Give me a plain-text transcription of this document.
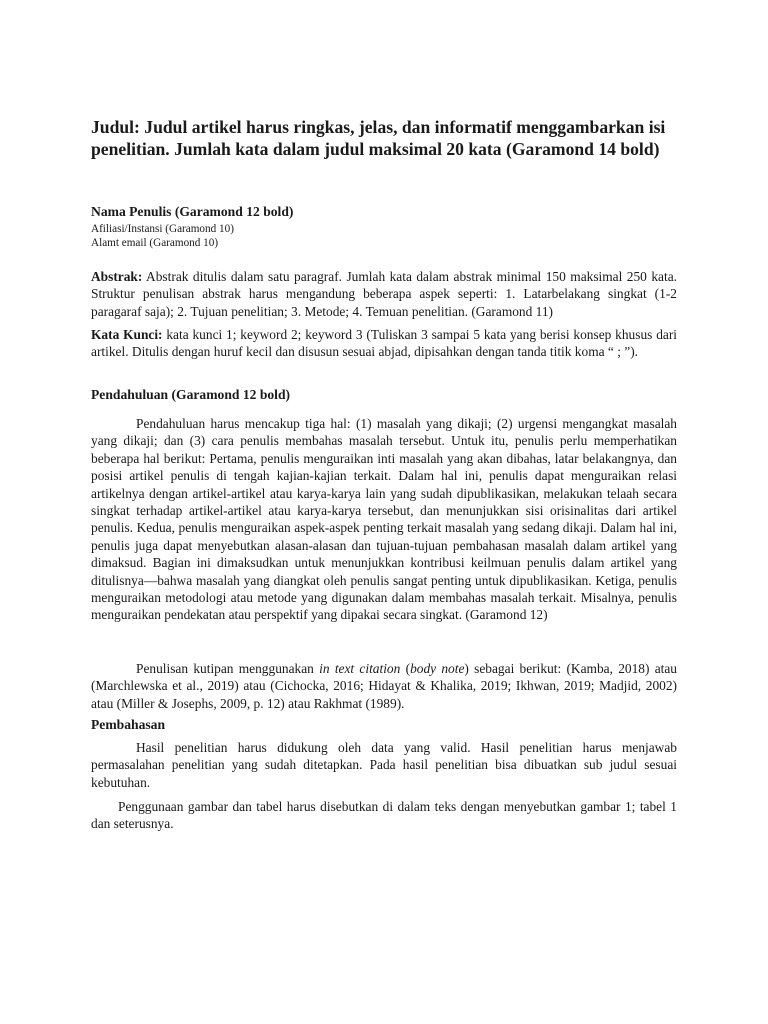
Judul: Judul artikel harus ringkas, jelas, dan informatif menggambarkan isi penelitian. Jumlah kata dalam judul maksimal 20 kata (Garamond 14 bold)
Nama Penulis (Garamond 12 bold)
Afiliasi/Instansi (Garamond 10)
Alamt email (Garamond 10)
Abstrak: Abstrak ditulis dalam satu paragraf. Jumlah kata dalam abstrak minimal 150 maksimal 250 kata. Struktur penulisan abstrak harus mengandung beberapa aspek seperti: 1. Latarbelakang singkat (1-2 paragaraf saja); 2. Tujuan penelitian; 3. Metode; 4. Temuan penelitian. (Garamond 11)
Kata Kunci: kata kunci 1; keyword 2; keyword 3 (Tuliskan 3 sampai 5 kata yang berisi konsep khusus dari artikel. Ditulis dengan huruf kecil dan disusun sesuai abjad, dipisahkan dengan tanda titik koma “ ; ”).
Pendahuluan (Garamond 12 bold)
Pendahuluan harus mencakup tiga hal: (1) masalah yang dikaji; (2) urgensi mengangkat masalah yang dikaji; dan (3) cara penulis membahas masalah tersebut. Untuk itu, penulis perlu memperhatikan beberapa hal berikut: Pertama, penulis menguraikan inti masalah yang akan dibahas, latar belakangnya, dan posisi artikel penulis di tengah kajian-kajian terkait. Dalam hal ini, penulis dapat menguraikan relasi artikelnya dengan artikel-artikel atau karya-karya lain yang sudah dipublikasikan, melakukan telaah secara singkat terhadap artikel-artikel atau karya-karya tersebut, dan menunjukkan sisi orisinalitas dari artikel penulis. Kedua, penulis menguraikan aspek-aspek penting terkait masalah yang sedang dikaji. Dalam hal ini, penulis juga dapat menyebutkan alasan-alasan dan tujuan-tujuan pembahasan masalah dalam artikel yang dimaksud. Bagian ini dimaksudkan untuk menunjukkan kontribusi keilmuan penulis dalam artikel yang ditulisnya—bahwa masalah yang diangkat oleh penulis sangat penting untuk dipublikasikan. Ketiga, penulis menguraikan metodologi atau metode yang digunakan dalam membahas masalah terkait. Misalnya, penulis menguraikan pendekatan atau perspektif yang dipakai secara singkat. (Garamond 12)
Penulisan kutipan menggunakan in text citation (body note) sebagai berikut: (Kamba, 2018) atau (Marchlewska et al., 2019) atau (Cichocka, 2016; Hidayat & Khalika, 2019; Ikhwan, 2019; Madjid, 2002) atau (Miller & Josephs, 2009, p. 12) atau Rakhmat (1989).
Pembahasan
Hasil penelitian harus didukung oleh data yang valid. Hasil penelitian harus menjawab permasalahan penelitian yang sudah ditetapkan. Pada hasil penelitian bisa dibuatkan sub judul sesuai kebutuhan.
Penggunaan gambar dan tabel harus disebutkan di dalam teks dengan menyebutkan gambar 1; tabel 1 dan seterusnya.
